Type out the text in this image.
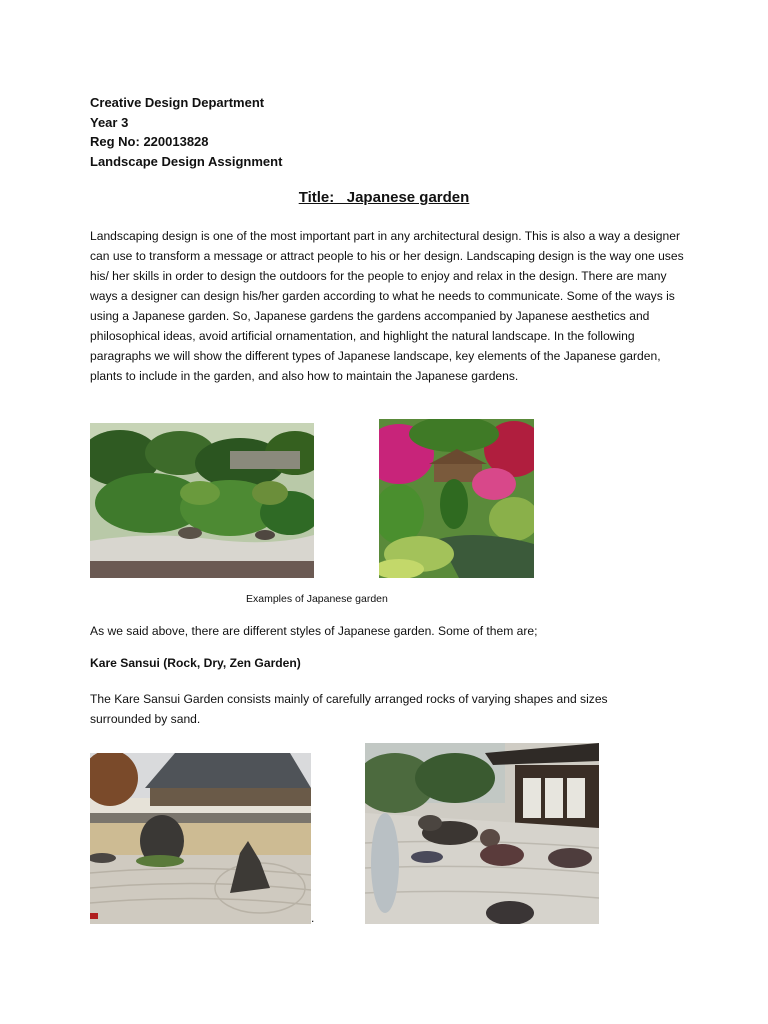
Creative Design Department
Year 3
Reg No: 220013828
Landscape Design Assignment
Title:   Japanese garden
Landscaping design is one of the most important part in any architectural design. This is also a way a designer can use to transform a message or attract people to his or her design. Landscaping design is the way one uses his/ her skills in order to design the outdoors for the people to enjoy and relax in the design. There are many ways a designer can design his/her garden according to what he needs to communicate. Some of the ways is using a Japanese garden. So, Japanese gardens the gardens accompanied by Japanese aesthetics and philosophical ideas, avoid artificial ornamentation, and highlight the natural landscape. In the following paragraphs we will show the different types of Japanese landscape, key elements of the Japanese garden, plants to include in the garden, and also how to maintain the Japanese gardens.
Examples of Japanese garden
As we said above, there are different styles of Japanese garden. Some of them are;
Kare Sansui (Rock, Dry, Zen Garden)
The Kare Sansui Garden consists mainly of carefully arranged rocks of varying shapes and sizes surrounded by sand.
.
